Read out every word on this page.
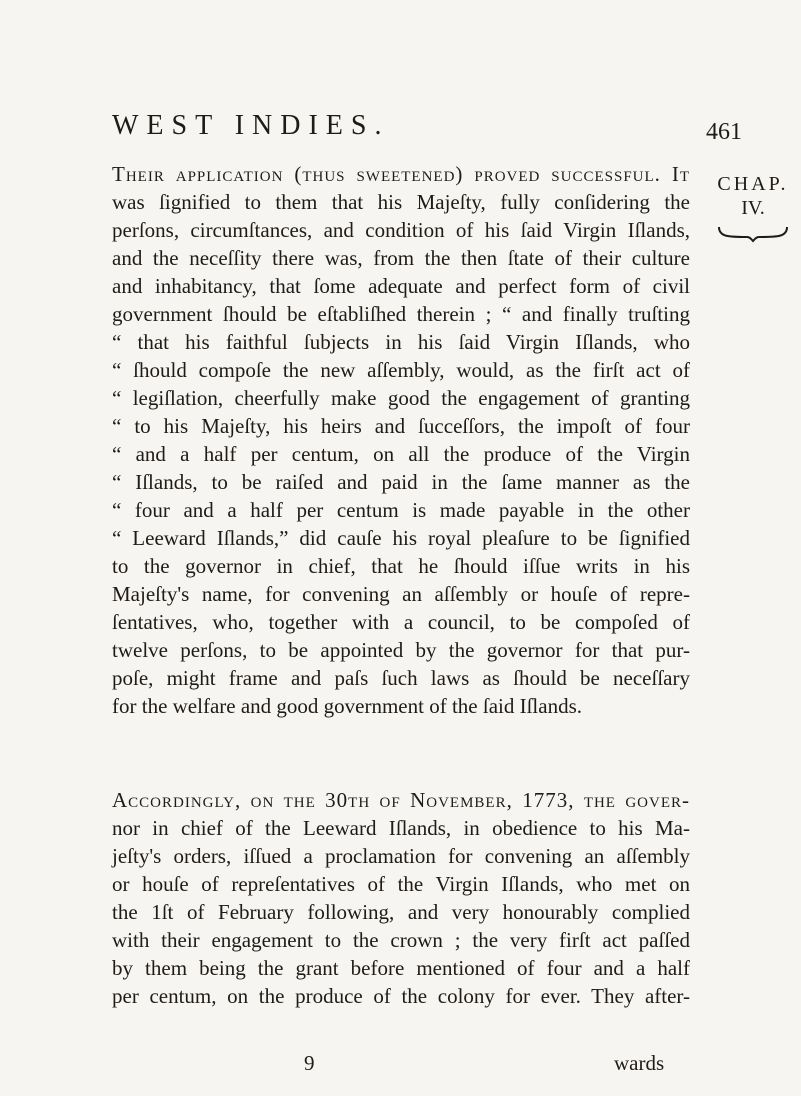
WEST INDIES.	461
CHAP.
IV.
Their application (thus ſweetened) proved ſucceſsful. It
was ſignified to them that his Majeſty, fully conſidering the
perſons, circumſtances, and condition of his ſaid Virgin Iſlands,
and the neceſſity there was, from the then ſtate of their culture
and inhabitancy, that ſome adequate and perfect form of civil
government ſhould be eſtabliſhed therein ; “ and finally truſting
“ that his faithful ſubjects in his ſaid Virgin Iſlands, who
“ ſhould compoſe the new aſſembly, would, as the firſt act of
“ legiſlation, cheerfully make good the engagement of granting
“ to his Majeſty, his heirs and ſucceſſors, the impoſt of four
“ and a half per centum, on all the produce of the Virgin
“ Iſlands, to be raiſed and paid in the ſame manner as the
“ four and a half per centum is made payable in the other
“ Leeward Iſlands,” did cauſe his royal pleaſure to be ſignified
to the governor in chief, that he ſhould iſſue writs in his
Majeſty's name, for convening an aſſembly or houſe of repre-
ſentatives, who, together with a council, to be compoſed of
twelve perſons, to be appointed by the governor for that pur-
poſe, might frame and paſs ſuch laws as ſhould be neceſſary
for the welfare and good government of the ſaid Iſlands.
Accordingly, on the 30th of November, 1773, the gover-
nor in chief of the Leeward Iſlands, in obedience to his Ma-
jeſty's orders, iſſued a proclamation for convening an aſſembly
or houſe of repreſentatives of the Virgin Iſlands, who met on
the 1ſt of February following, and very honourably complied
with their engagement to the crown ; the very firſt act paſſed
by them being the grant before mentioned of four and a half
per centum, on the produce of the colony for ever. They after-
9	wards
